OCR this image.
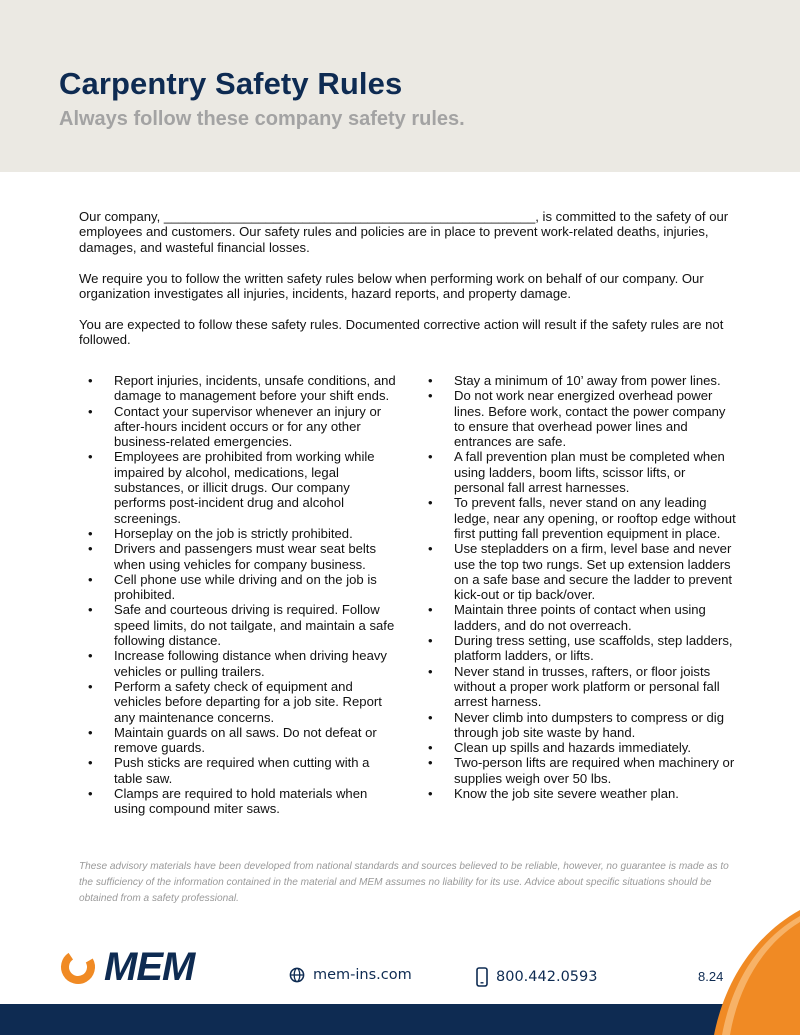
Carpentry Safety Rules
Always follow these company safety rules.

Our company, ___________________________________________________, is committed to the safety of our employees and customers. Our safety rules and policies are in place to prevent work-related deaths, injuries, damages, and wasteful financial losses.

We require you to follow the written safety rules below when performing work on behalf of our company. Our organization investigates all injuries, incidents, hazard reports, and property damage.

You are expected to follow these safety rules. Documented corrective action will result if the safety rules are not followed.

•	Report injuries, incidents, unsafe conditions, and damage to management before your shift ends.
•	Contact your supervisor whenever an injury or after-hours incident occurs or for any other business-related emergencies.
•	Employees are prohibited from working while impaired by alcohol, medications, legal substances, or illicit drugs. Our company performs post-incident drug and alcohol screenings.
•	Horseplay on the job is strictly prohibited.
•	Drivers and passengers must wear seat belts when using vehicles for company business.
•	Cell phone use while driving and on the job is prohibited.
•	Safe and courteous driving is required. Follow speed limits, do not tailgate, and maintain a safe following distance.
•	Increase following distance when driving heavy vehicles or pulling trailers.
•	Perform a safety check of equipment and vehicles before departing for a job site. Report any maintenance concerns.
•	Maintain guards on all saws. Do not defeat or remove guards.
•	Push sticks are required when cutting with a table saw.
•	Clamps are required to hold materials when using compound miter saws.
•	Stay a minimum of 10’ away from power lines.
•	Do not work near energized overhead power lines. Before work, contact the power company to ensure that overhead power lines and entrances are safe.
•	A fall prevention plan must be completed when using ladders, boom lifts, scissor lifts, or personal fall arrest harnesses.
•	To prevent falls, never stand on any leading ledge, near any opening, or rooftop edge without first putting fall prevention equipment in place.
•	Use stepladders on a firm, level base and never use the top two rungs. Set up extension ladders on a safe base and secure the ladder to prevent kick-out or tip back/over.
•	Maintain three points of contact when using ladders, and do not overreach.
•	During tress setting, use scaffolds, step ladders, platform ladders, or lifts.
•	Never stand in trusses, rafters, or floor joists without a proper work platform or personal fall arrest harness.
•	Never climb into dumpsters to compress or dig through job site waste by hand.
•	Clean up spills and hazards immediately.
•	Two-person lifts are required when machinery or supplies weigh over 50 lbs.
•	Know the job site severe weather plan.
These advisory materials have been developed from national standards and sources believed to be reliable, however, no guarantee is made as to the sufficiency of the information contained in the material and MEM assumes no liability for its use. Advice about specific situations should be obtained from a safety professional.
MEM	mem-ins.com	800.442.0593	8.24
